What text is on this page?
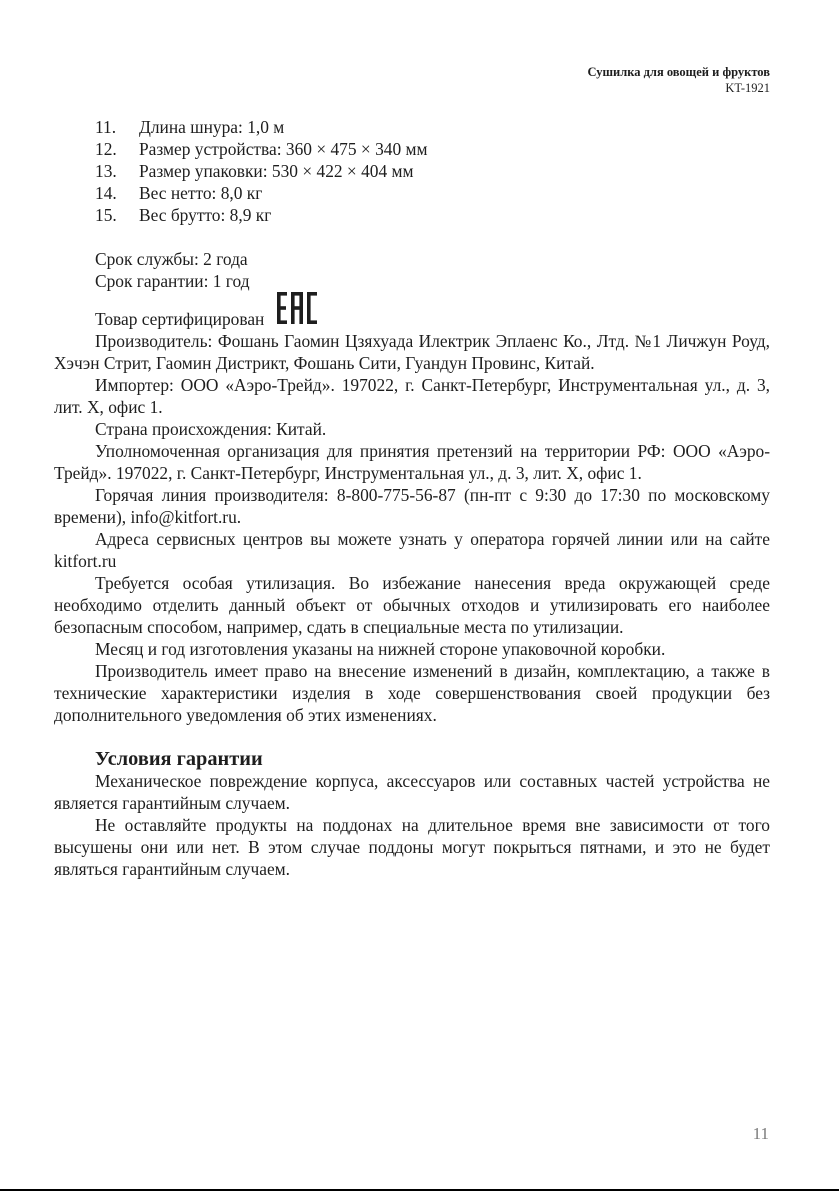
Сушилка для овощей и фруктов
KT-1921
11.	Длина шнура: 1,0 м
12.	Размер устройства: 360 × 475 × 340 мм
13.	Размер упаковки: 530 × 422 × 404 мм
14.	Вес нетто: 8,0 кг
15.	Вес брутто: 8,9 кг
Срок службы: 2 года
Срок гарантии: 1 год
Товар сертифицирован

Производитель: Фошань Гаомин Цзяхуада Илектрик Эплаенс Ко., Лтд. №1 Личжун Роуд, Хэчэн Стрит, Гаомин Дистрикт, Фошань Сити, Гуандун Провинс, Китай.

Импортер: ООО «Аэро-Трейд». 197022, г. Санкт-Петербург, Инструментальная ул., д. 3, лит. Х, офис 1.

Страна происхождения: Китай.

Уполномоченная организация для принятия претензий на территории РФ: ООО «Аэро-Трейд». 197022, г. Санкт-Петербург, Инструментальная ул., д. 3, лит. Х, офис 1.

Горячая линия производителя: 8-800-775-56-87 (пн-пт с 9:30 до 17:30 по московскому времени), info@kitfort.ru.

Адреса сервисных центров вы можете узнать у оператора горячей линии или на сайте kitfort.ru

Требуется особая утилизация. Во избежание нанесения вреда окружающей среде необходимо отделить данный объект от обычных отходов и утилизировать его наиболее безопасным способом, например, сдать в специальные места по утилизации.

Месяц и год изготовления указаны на нижней стороне упаковочной коробки.

Производитель имеет право на внесение изменений в дизайн, комплектацию, а также в технические характеристики изделия в ходе совершенствования своей продукции без дополнительного уведомления об этих изменениях.

Условия гарантии

Механическое повреждение корпуса, аксессуаров или составных частей устройства не является гарантийным случаем.

Не оставляйте продукты на поддонах на длительное время вне зависимости от того высушены они или нет. В этом случае поддоны могут покрыться пятнами, и это не будет являться гарантийным случаем.

11
